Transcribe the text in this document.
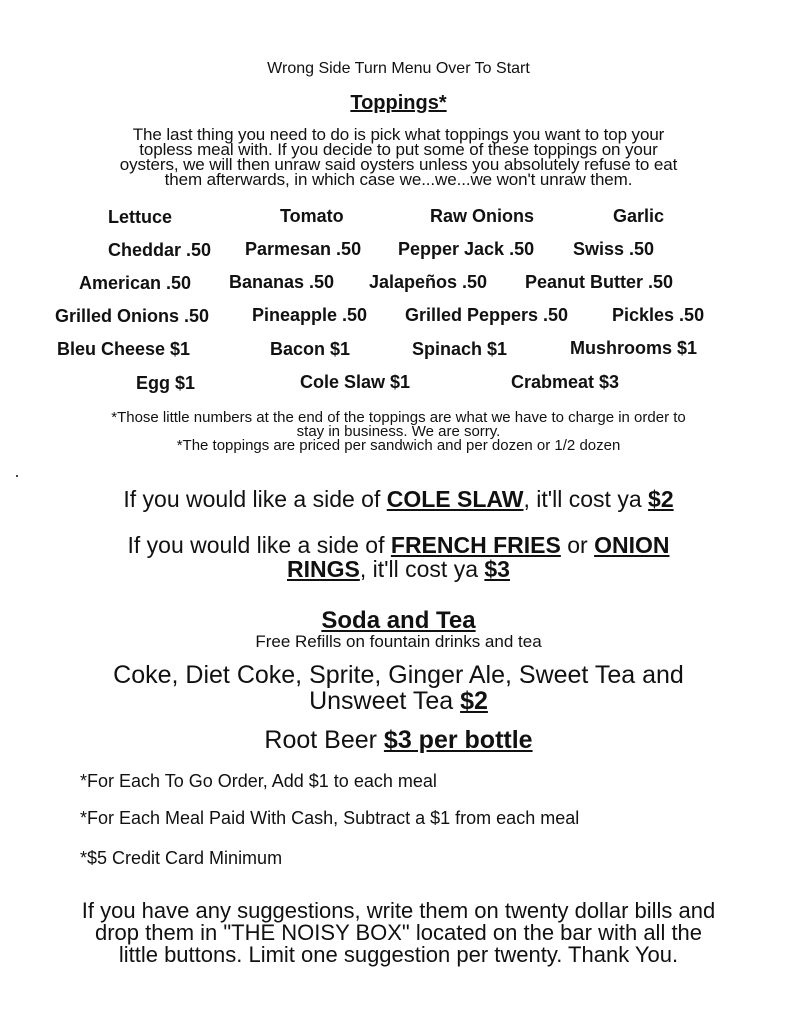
Wrong Side Turn Menu Over To Start
Toppings*
The last thing you need to do is pick what toppings you want to top your
topless meal with. If you decide to put some of these toppings on your
oysters, we will then unraw said oysters unless you absolutely refuse to eat
them afterwards, in which case we...we...we won't unraw them.
Lettuce	Tomato	Raw Onions	Garlic
Cheddar .50 Parmesan .50 Pepper Jack .50 Swiss .50
American .50 Bananas .50 Jalapeños .50 Peanut Butter .50
Grilled Onions .50 Pineapple .50 Grilled Peppers .50 Pickles .50
Bleu Cheese $1	Bacon $1	Spinach $1	Mushrooms $1
Egg $1	Cole Slaw $1	Crabmeat $3
*Those little numbers at the end of the toppings are what we have to charge in order to
stay in business. We are sorry.
*The toppings are priced per sandwich and per dozen or 1/2 dozen
If you would like a side of COLE SLAW, it'll cost ya $2
If you would like a side of FRENCH FRIES or ONION
RINGS, it'll cost ya $3
Soda and Tea
Free Refills on fountain drinks and tea
Coke, Diet Coke, Sprite, Ginger Ale, Sweet Tea and
Unsweet Tea $2
Root Beer $3 per bottle
*For Each To Go Order, Add $1 to each meal
*For Each Meal Paid With Cash, Subtract a $1 from each meal
*$5 Credit Card Minimum
If you have any suggestions, write them on twenty dollar bills and
drop them in "THE NOISY BOX" located on the bar with all the
little buttons. Limit one suggestion per twenty. Thank You.
